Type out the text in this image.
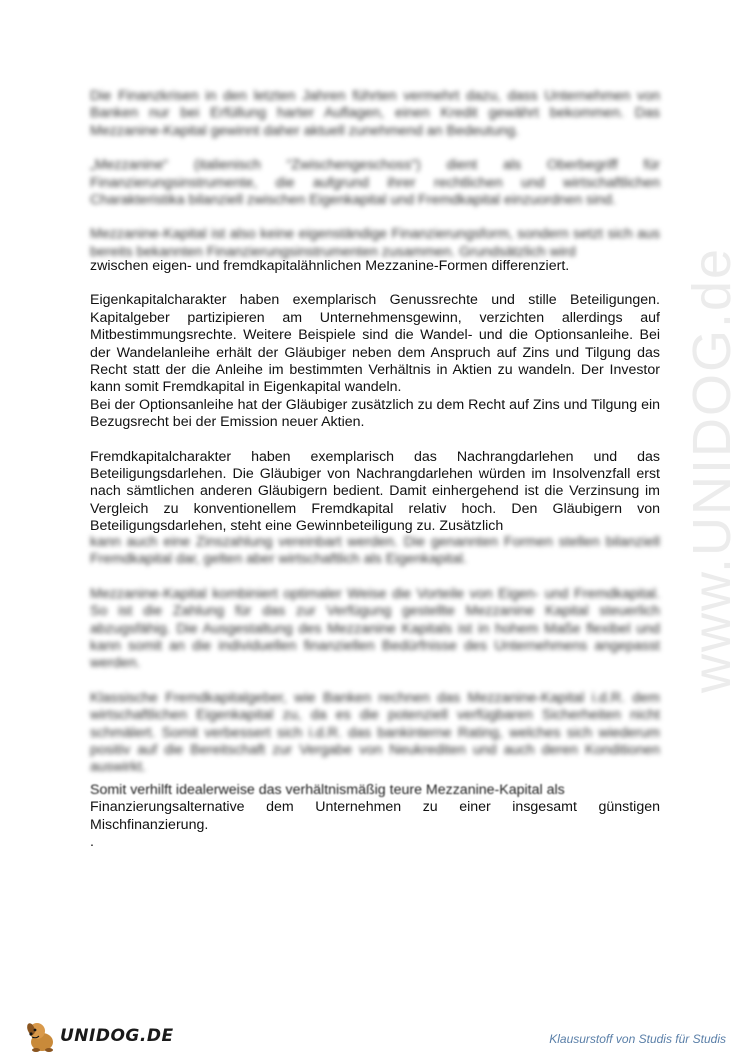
www.UNIDOG.de

Die Finanzkrisen in den letzten Jahren führten vermehrt dazu, dass Unternehmen von Banken nur bei Erfüllung harter Auflagen, einen Kredit gewährt bekommen. Das Mezzanine-Kapital gewinnt daher aktuell zunehmend an Bedeutung.

„Mezzanine“ (italienisch “Zwischengeschoss“) dient als Oberbegriff für Finanzierungsinstrumente, die aufgrund ihrer rechtlichen und wirtschaftlichen Charakteristika bilanziell zwischen Eigenkapital und Fremdkapital einzuordnen sind.

Mezzanine-Kapital ist also keine eigenständige Finanzierungsform, sondern setzt sich aus bereits bekannten Finanzierungsinstrumenten zusammen. Grundsätzlich wird

zwischen eigen- und fremdkapitalähnlichen Mezzanine-Formen differenziert.

Eigenkapitalcharakter haben exemplarisch Genussrechte und stille Beteiligungen. Kapitalgeber partizipieren am Unternehmensgewinn, verzichten allerdings auf Mitbestimmungsrechte. Weitere Beispiele sind die Wandel- und die Optionsanleihe. Bei der Wandelanleihe erhält der Gläubiger neben dem Anspruch auf Zins und Tilgung das Recht statt der die Anleihe im bestimmten Verhältnis in Aktien zu wandeln. Der Investor kann somit Fremdkapital in Eigenkapital wandeln.

Bei der Optionsanleihe hat der Gläubiger zusätzlich zu dem Recht auf Zins und Tilgung ein Bezugsrecht bei der Emission neuer Aktien.

Fremdkapitalcharakter haben exemplarisch das Nachrangdarlehen und das Beteiligungsdarlehen. Die Gläubiger von Nachrangdarlehen würden im Insolvenzfall erst nach sämtlichen anderen Gläubigern bedient. Damit einhergehend ist die Verzinsung im Vergleich zu konventionellem Fremdkapital relativ hoch. Den Gläubigern von Beteiligungsdarlehen, steht eine Gewinnbeteiligung zu. Zusätzlich

kann auch eine Zinszahlung vereinbart werden. Die genannten Formen stellen bilanziell Fremdkapital dar, gelten aber wirtschaftlich als Eigenkapital.

Mezzanine-Kapital kombiniert optimaler Weise die Vorteile von Eigen- und Fremdkapital. So ist die Zahlung für das zur Verfügung gestellte Mezzanine Kapital steuerlich abzugsfähig. Die Ausgestaltung des Mezzanine Kapitals ist in hohem Maße flexibel und kann somit an die individuellen finanziellen Bedürfnisse des Unternehmens angepasst werden.

Klassische Fremdkapitalgeber, wie Banken rechnen das Mezzanine-Kapital i.d.R. dem wirtschaftlichen Eigenkapital zu, da es die potenziell verfügbaren Sicherheiten nicht schmälert. Somit verbessert sich i.d.R. das bankinterne Rating, welches sich wiederum positiv auf die Bereitschaft zur Vergabe von Neukrediten und auch deren Konditionen auswirkt.

Somit verhilft idealerweise das verhältnismäßig teure Mezzanine-Kapital als

Finanzierungsalternative dem Unternehmen zu einer insgesamt günstigen Mischfinanzierung.

.

UNIDOG.DE	Klausurstoff von Studis für Studis
